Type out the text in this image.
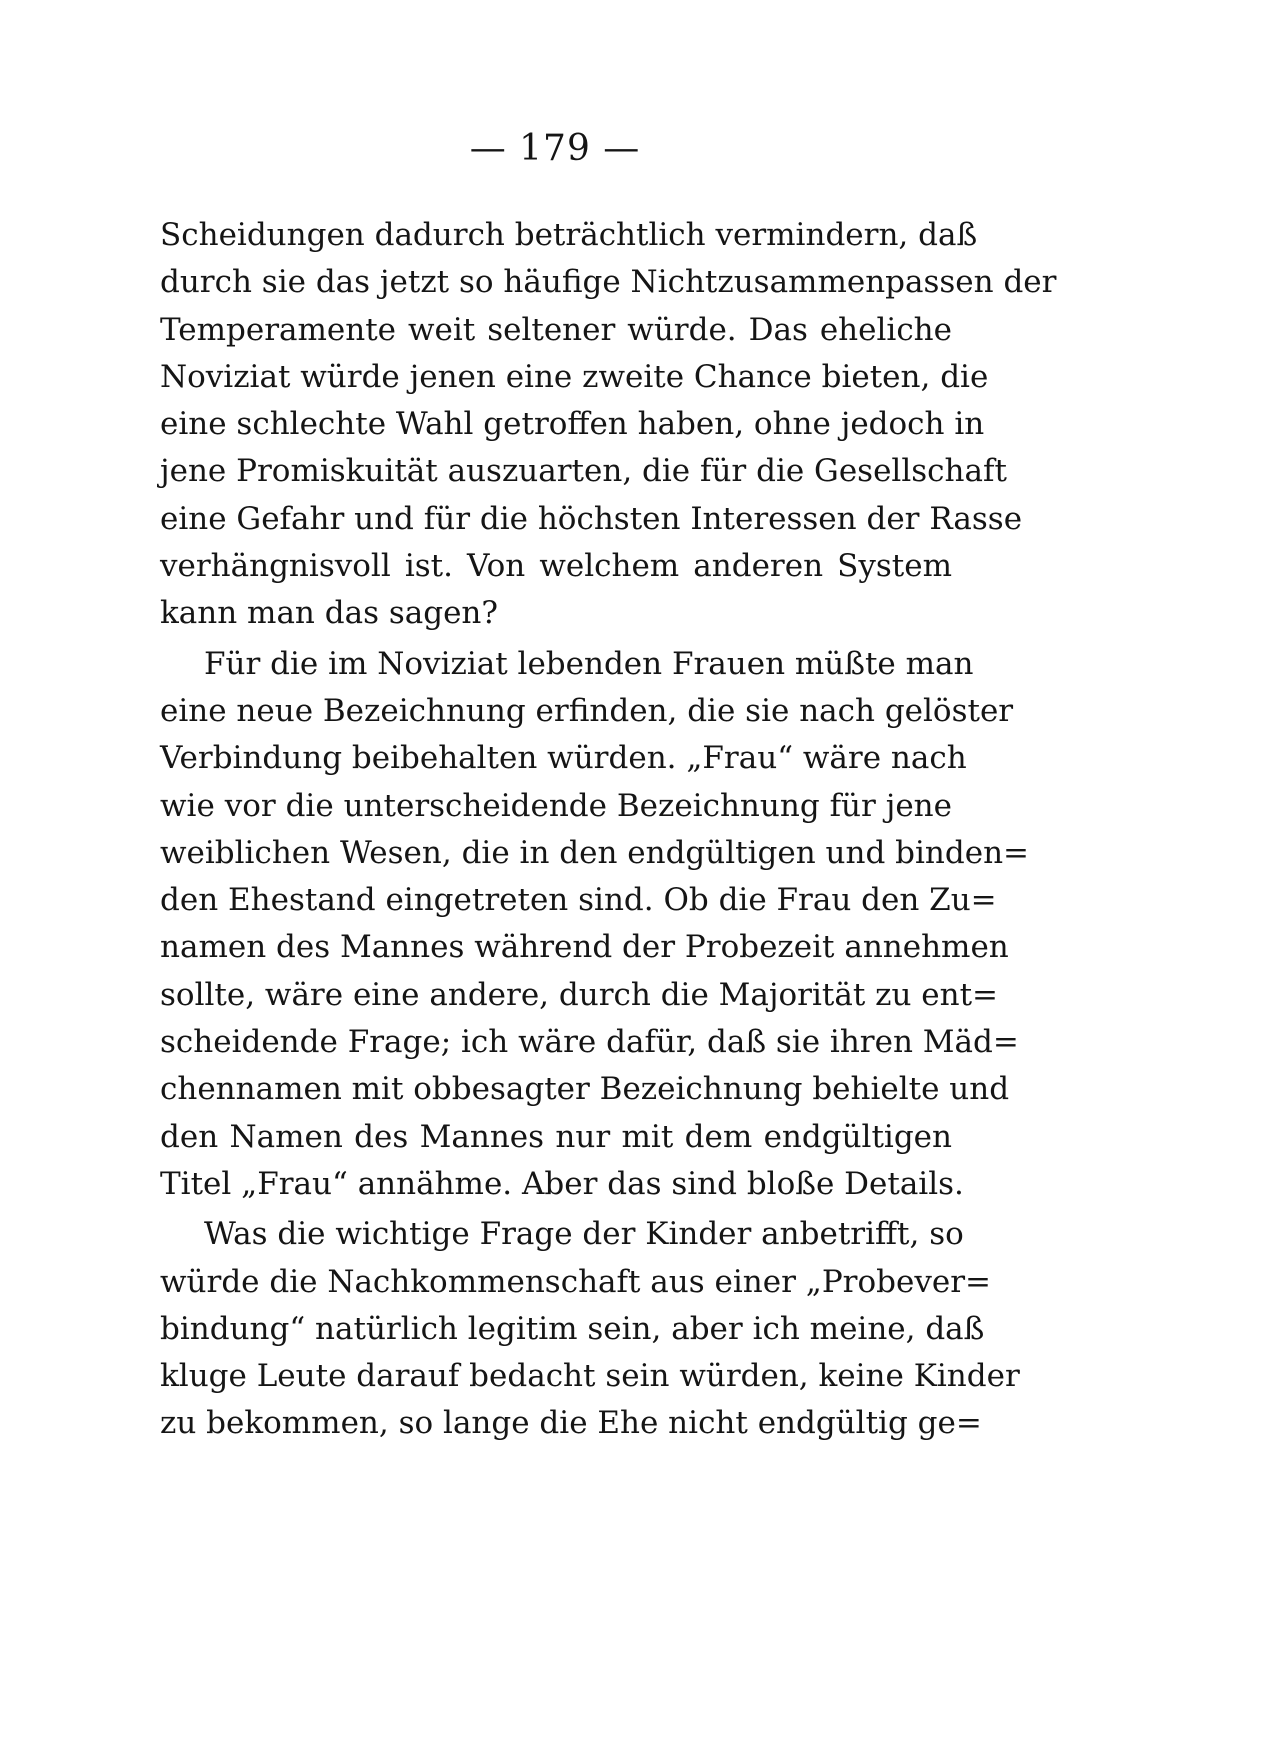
— 179 —
Scheidungen dadurch beträchtlich vermindern, daß
durch sie das jetzt so häufige Nichtzusammenpassen der
Temperamente weit seltener würde. Das eheliche
Noviziat würde jenen eine zweite Chance bieten, die
eine schlechte Wahl getroffen haben, ohne jedoch in
jene Promiskuität auszuarten, die für die Gesellschaft
eine Gefahr und für die höchsten Interessen der Rasse
verhängnisvoll ist. Von welchem anderen System
kann man das sagen?
Für die im Noviziat lebenden Frauen müßte man
eine neue Bezeichnung erfinden, die sie nach gelöster
Verbindung beibehalten würden. „Frau“ wäre nach
wie vor die unterscheidende Bezeichnung für jene
weiblichen Wesen, die in den endgültigen und binden=
den Ehestand eingetreten sind. Ob die Frau den Zu=
namen des Mannes während der Probezeit annehmen
sollte, wäre eine andere, durch die Majorität zu ent=
scheidende Frage; ich wäre dafür, daß sie ihren Mäd=
chennamen mit obbesagter Bezeichnung behielte und
den Namen des Mannes nur mit dem endgültigen
Titel „Frau“ annähme. Aber das sind bloße Details.
Was die wichtige Frage der Kinder anbetrifft, so
würde die Nachkommenschaft aus einer „Probever=
bindung“ natürlich legitim sein, aber ich meine, daß
kluge Leute darauf bedacht sein würden, keine Kinder
zu bekommen, so lange die Ehe nicht endgültig ge=
